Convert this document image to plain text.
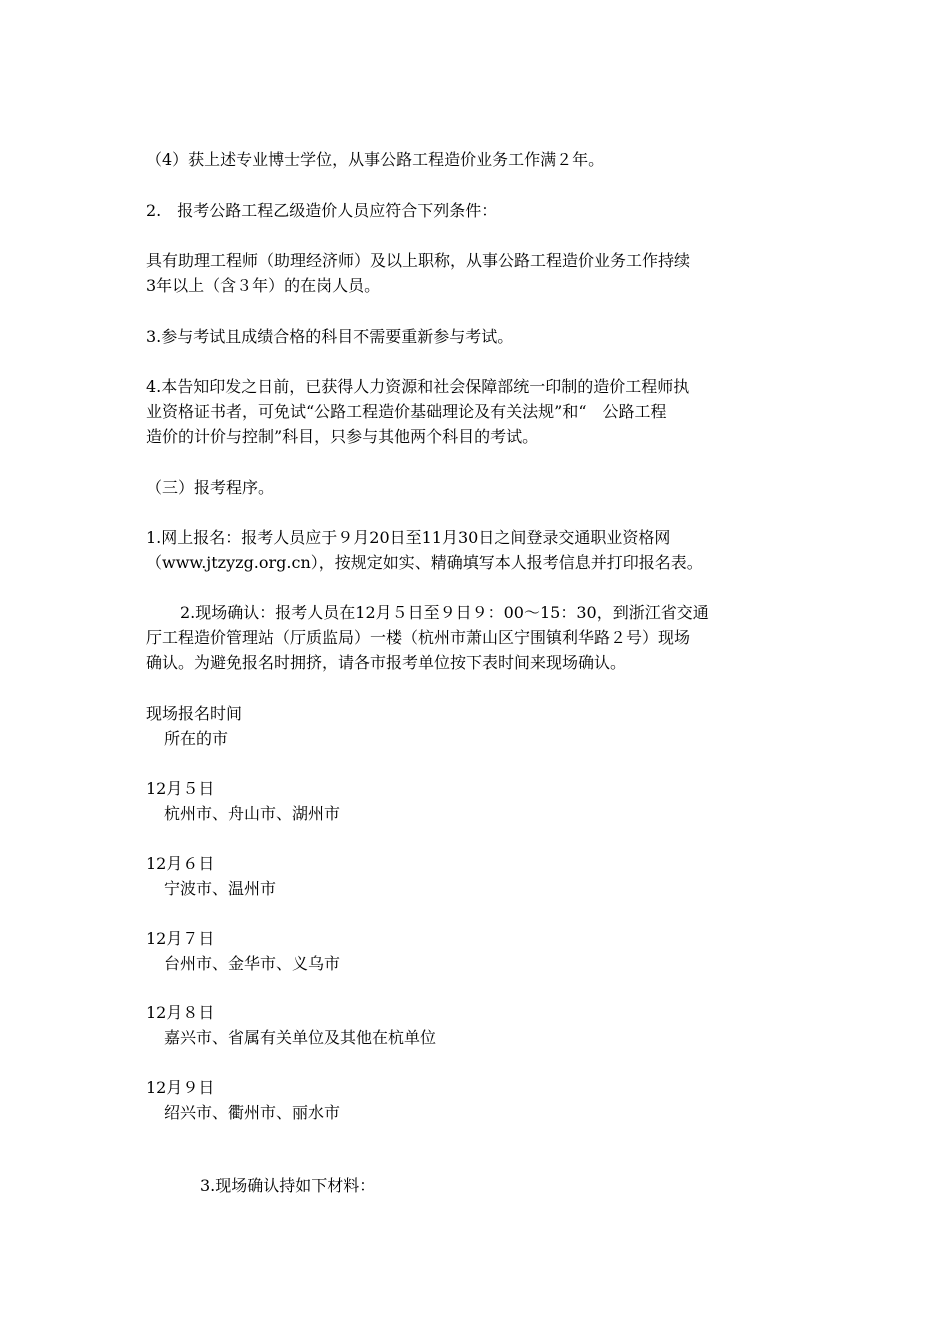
（4）获上述专业博士学位，从事公路工程造价业务工作满２年。
2.　报考公路工程乙级造价人员应符合下列条件：
具有助理工程师（助理经济师）及以上职称，从事公路工程造价业务工作持续
3年以上（含３年）的在岗人员。
3.参与考试且成绩合格的科目不需要重新参与考试。
4.本告知印发之日前，已获得人力资源和社会保障部统一印制的造价工程师执
业资格证书者，可免试“公路工程造价基础理论及有关法规”和“　公路工程
造价的计价与控制”科目，只参与其他两个科目的考试。
（三）报考程序。
1.网上报名：报考人员应于９月20日至11月30日之间登录交通职业资格网
（www.jtzyzg.org.cn），按规定如实、精确填写本人报考信息并打印报名表。
2.现场确认：报考人员在12月５日至９日９：00～15：30，到浙江省交通
厅工程造价管理站（厅质监局）一楼（杭州市萧山区宁围镇利华路２号）现场
确认。为避免报名时拥挤，请各市报考单位按下表时间来现场确认。
现场报名时间
所在的市
12月５日
杭州市、舟山市、湖州市
12月６日
宁波市、温州市
12月７日
台州市、金华市、义乌市
12月８日
嘉兴市、省属有关单位及其他在杭单位
12月９日
绍兴市、衢州市、丽水市
3.现场确认持如下材料：
